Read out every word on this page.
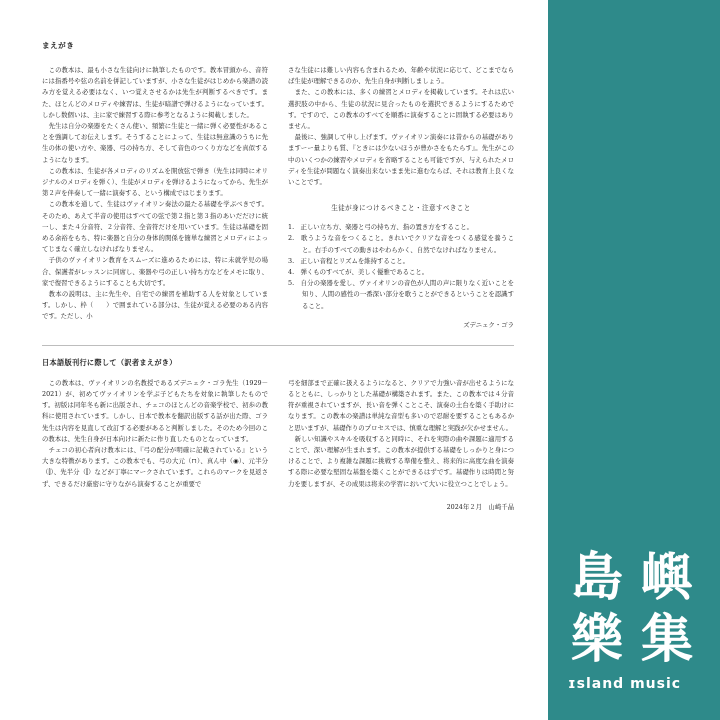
まえがき

この教本は、最も小さな生徒向けに執筆したものです。教本冒頭から、音符には指番号や弦の名前を併記していますが、小さな生徒がはじめから楽譜の読み方を覚える必要はなく、いつ覚えさせるかは先生が判断するべきです。また、ほとんどのメロディや練習は、生徒が暗譜で弾けるようになっています。しかし数個いは、主に家で練習する際に参考となるように掲載しました。

先生は自分の楽器をたくさん使い、頻繁に生徒と一緒に弾く必要性があることを強調してお伝えします。そうすることによって、生徒は無意識のうちに先生の体の使い方や、楽器、弓の持ち方、そして音色のつくり方などを真似するようになります。

この教本は、生徒が各メロディのリズムを開放弦で弾き（先生は同時にオリジナルのメロディを弾く）、生徒がメロディを弾けるようになってから、先生が第２声を伴奏して一緒に演奏する、という構成ではじまります。

この教本を通して、生徒はヴァイオリン奏法の最たる基礎を学ぶべきです。そのため、あえて半音の使用はすべての弦で第２指と第３指のあいだだけに統一し、また４分音符、２分音符、全音符だけを用いています。生徒は基礎を固める余裕をもち、特に楽器と自分の身体的関係を簡単な練習とメロディによってじまなく確立しなければなりません。

子供のヴァイオリン教育をスムーズに進めるためには、特に未就学児の場合、保護者がレッスンに同席し、楽器や弓の正しい持ち方などをメモに取り、家で復習できるようにすることも大切です。

教本の説明は、主に先生や、自宅での練習を補助する人を対象としています。しかし、枠（　　）で囲まれている部分は、生徒が覚える必要のある内容です。ただし、小

さな生徒には難しい内容も含まれるため、年齢や状況に応じて、どこまでならば生徒が理解できるのか、先生自身が判断しましょう。

また、この教本には、多くの練習とメロディを掲載しています。それは広い選択肢の中から、生徒の状況に見合ったものを選択できるようにするためです。ですので、この教本のすべてを順番に演奏することに固執する必要はありません。

最後に、強調して申し上げます。ヴァイオリン演奏には昔からの基礎がありますーー量よりも質、『ときには少ないほうが豊かさをもたらす』。先生がこの中のいくつかの練習やメロディを省略することも可能ですが、与えられたメロディを生徒が問題なく演奏出来ないまま先に進むならば、それは教育上良くないことです。

生徒が身につけるべきこと・注意すべきこと
1.　正しい立ち方、楽器と弓の持ち方、指の置き方をすること。
2.　歌うような音をつくること。きれいでクリアな音をつくる感覚を養うこと。右手のすべての動きはやわらかく、自然でなければなりません。
3.　正しい音程とリズムを維持すること。
4.　弾くものすべてが、美しく優雅であること。
5.　自分の楽器を愛し、ヴァイオリンの音色が人間の声に限りなく近いことを知り、人間の感性の一番深い部分を歌うことができるということを認識すること。
ズデニェク・ゴラ
日本語版刊行に際して（訳者まえがき）

この教本は、ヴァイオリンの名教授であるズデニェク・ゴラ先生（1929－2021）が、初めてヴァイオリンを学ぶ子どもたちを対象に執筆したものです。初版は同年冬も新に出版され、チェコのほとんどの音楽学校で、初歩の教科に使用されています。しかし、日本で教本を翻訳出版する話が出た際、ゴラ先生は内容を見直して改訂する必要があると判断しました。そのため今回のこの教本は、先生自身が日本向けに新たに作り直したものとなっています。

チェコの初心者向け教本には、『弓の配分が明確に記載されている』という大きな特徴があります。この教本でも、弓の大元（⊓）、真ん中（◉）、元半分（⫿）、先半分（⫿）などが丁寧にマークされています。これらのマークを見返さず、できるだけ厳密に守りながら演奏することが重要で

弓を細部まで正確に扱えるようになると、クリアで力強い音が出せるようになるとともに、しっかりとした基礎が構築されます。また、この教本では４分音符が重視されていますが、長い音を弾くことこそ、演奏の土台を築く手助けになります。この教本の楽譜は単純な音型も多いので忍耐を要することもあるかと思いますが、基礎作りのプロセスでは、慎重な理解と実践が欠かせません。

新しい知識やスキルを吸収すると同時に、それを実際の曲や課題に適用することで、深い理解が生まれます。この教本が提供する基礎をしっかりと身につけることで、より複雑な課題に挑戦する準備を整え、将来的に高度な曲を演奏する際に必要な堅固な基盤を築くことができるはずです。基礎作りは時間と努力を要しますが、その成果は将来の学習において大いに役立つことでしょう。

2024年２月　山崎千晶
島 嶼
樂 集
ɪsland music
